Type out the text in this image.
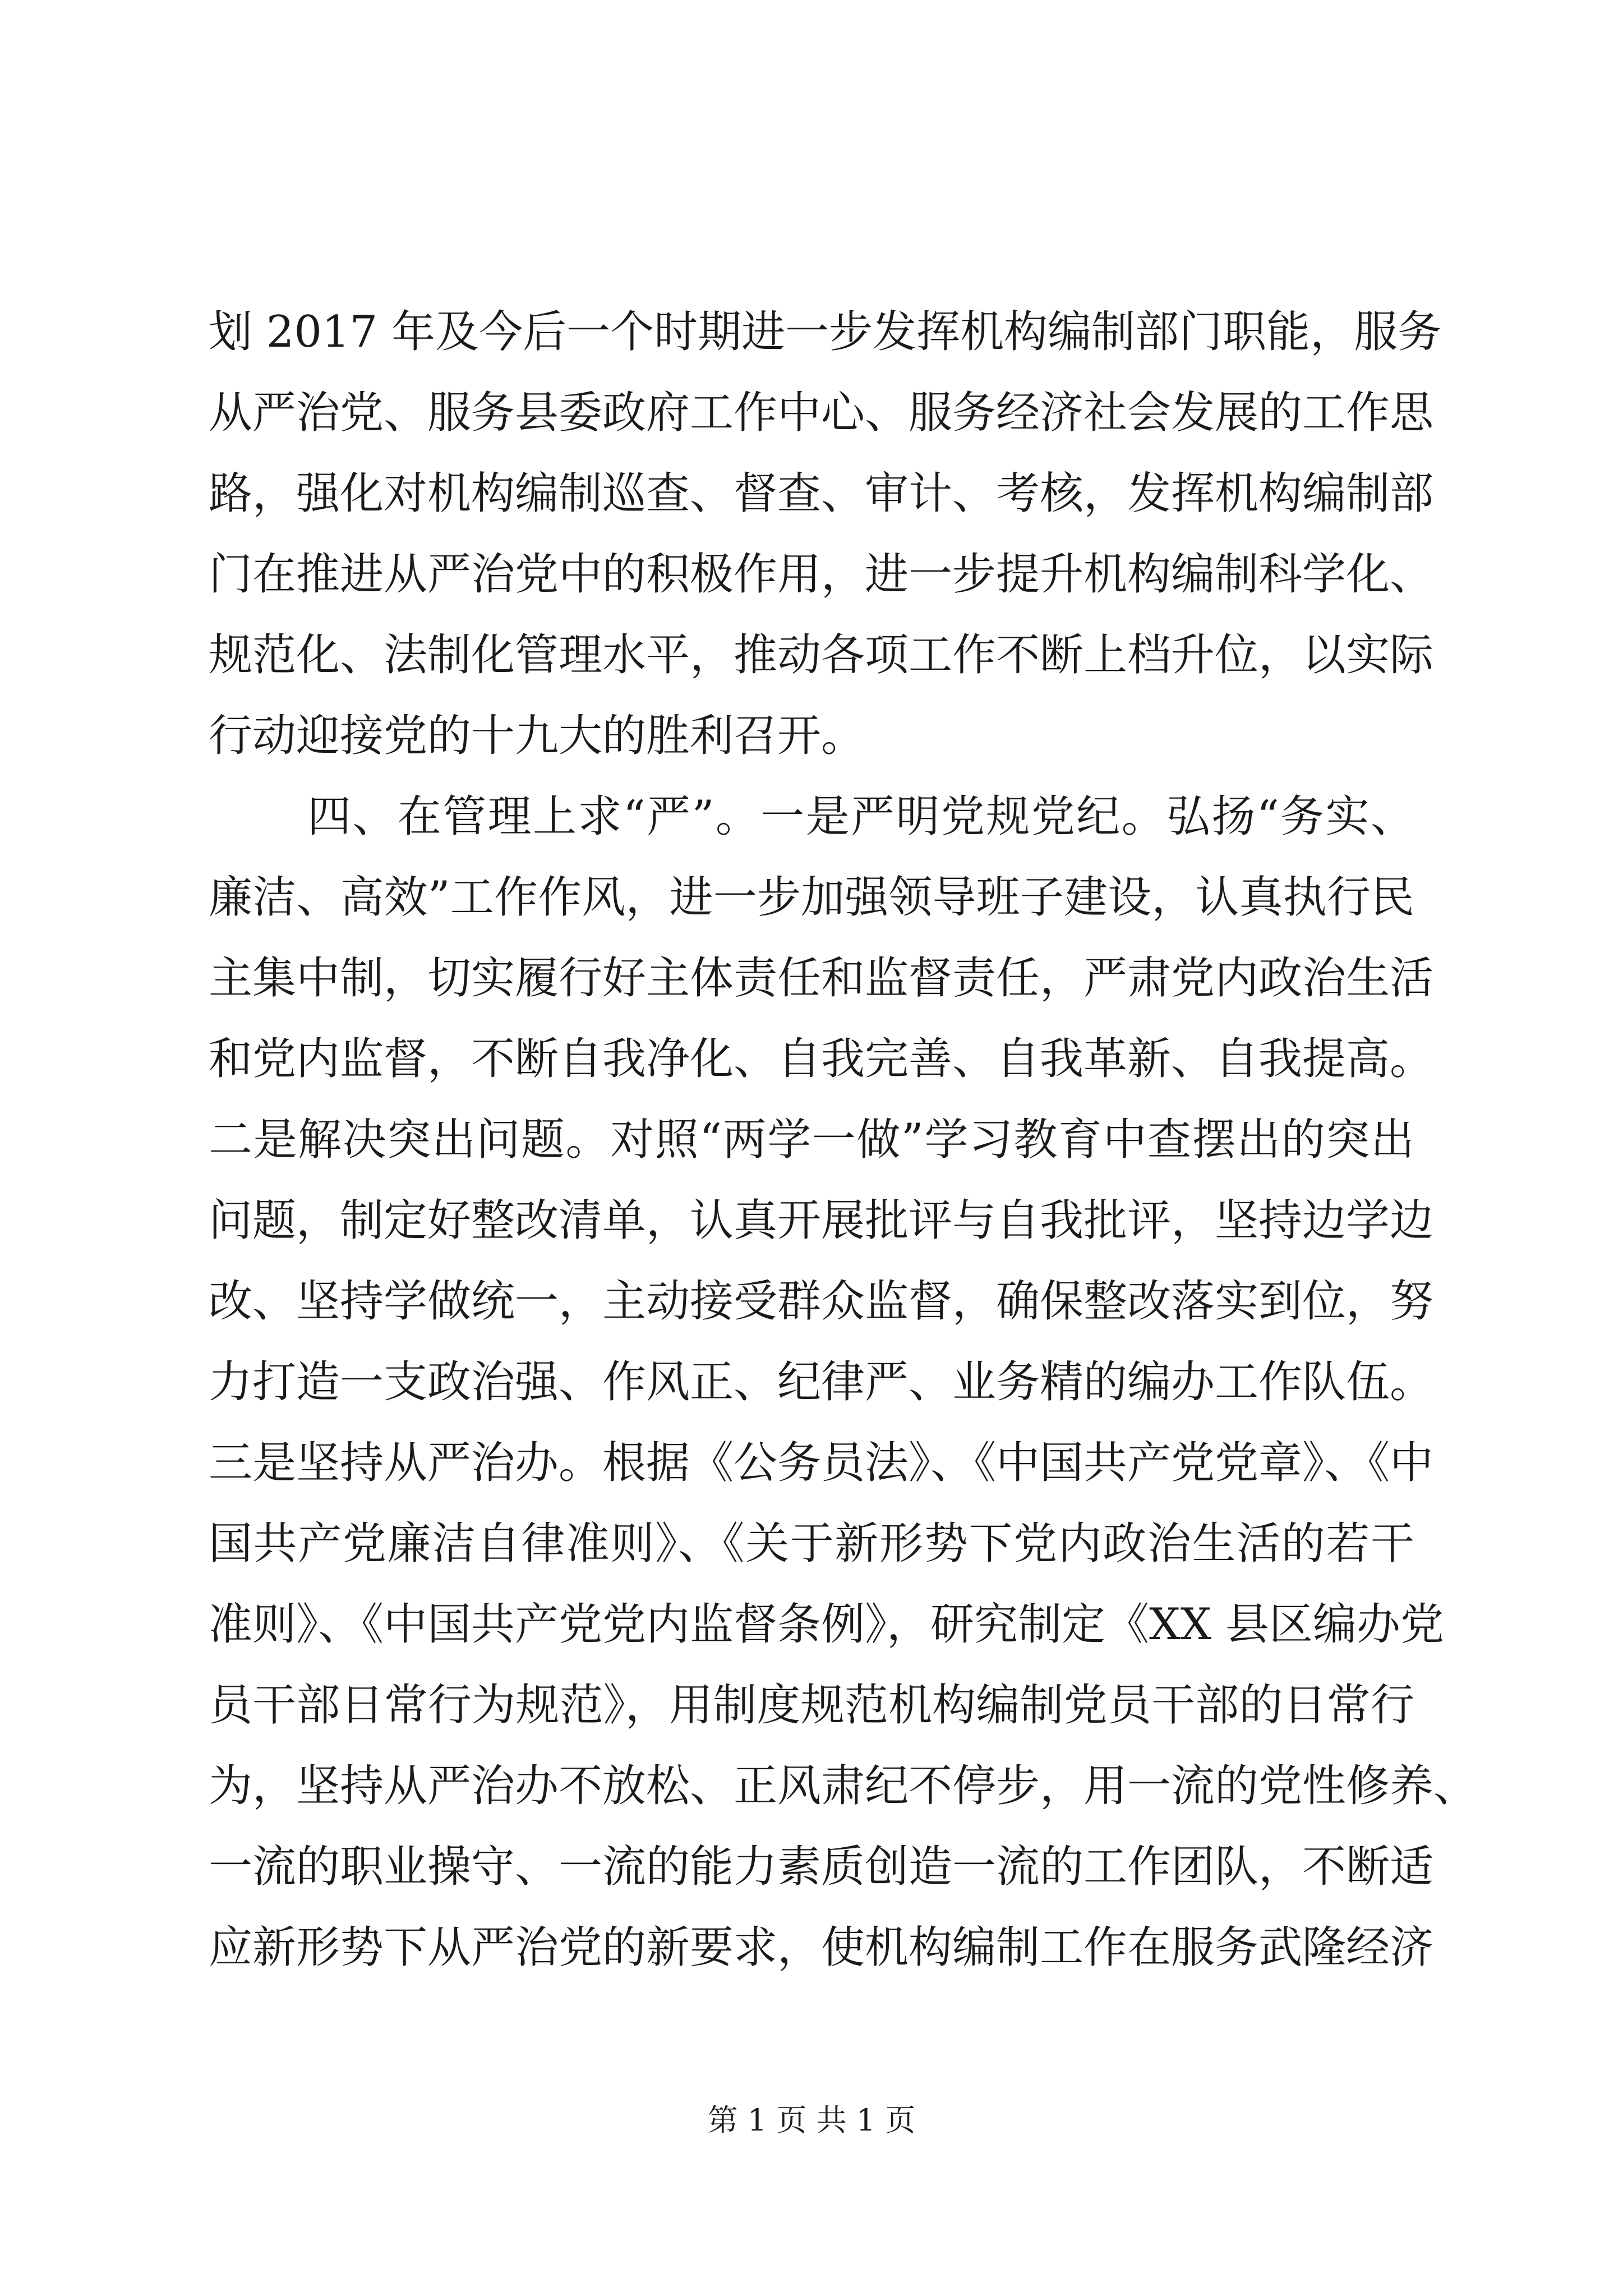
划 2017 年及今后一个时期进一步发挥机构编制部门职能，服务
从严治党、服务县委政府工作中心、服务经济社会发展的工作思
路，强化对机构编制巡查、督查、审计、考核，发挥机构编制部
门在推进从严治党中的积极作用，进一步提升机构编制科学化、
规范化、法制化管理水平，推动各项工作不断上档升位，以实际
行动迎接党的十九大的胜利召开。
四、在管理上求“严”。一是严明党规党纪。弘扬“务实、
廉洁、高效”工作作风，进一步加强领导班子建设，认真执行民
主集中制，切实履行好主体责任和监督责任，严肃党内政治生活
和党内监督，不断自我净化、自我完善、自我革新、自我提高。
二是解决突出问题。对照“两学一做”学习教育中查摆出的突出
问题，制定好整改清单，认真开展批评与自我批评，坚持边学边
改、坚持学做统一，主动接受群众监督，确保整改落实到位，努
力打造一支政治强、作风正、纪律严、业务精的编办工作队伍。
三是坚持从严治办。根据《公务员法》、《中国共产党党章》、《中
国共产党廉洁自律准则》、《关于新形势下党内政治生活的若干
准则》、《中国共产党党内监督条例》，研究制定《XX 县区编办党
员干部日常行为规范》，用制度规范机构编制党员干部的日常行
为，坚持从严治办不放松、正风肃纪不停步，用一流的党性修养、
一流的职业操守、一流的能力素质创造一流的工作团队，不断适
应新形势下从严治党的新要求，使机构编制工作在服务武隆经济
第 1 页 共 1 页
